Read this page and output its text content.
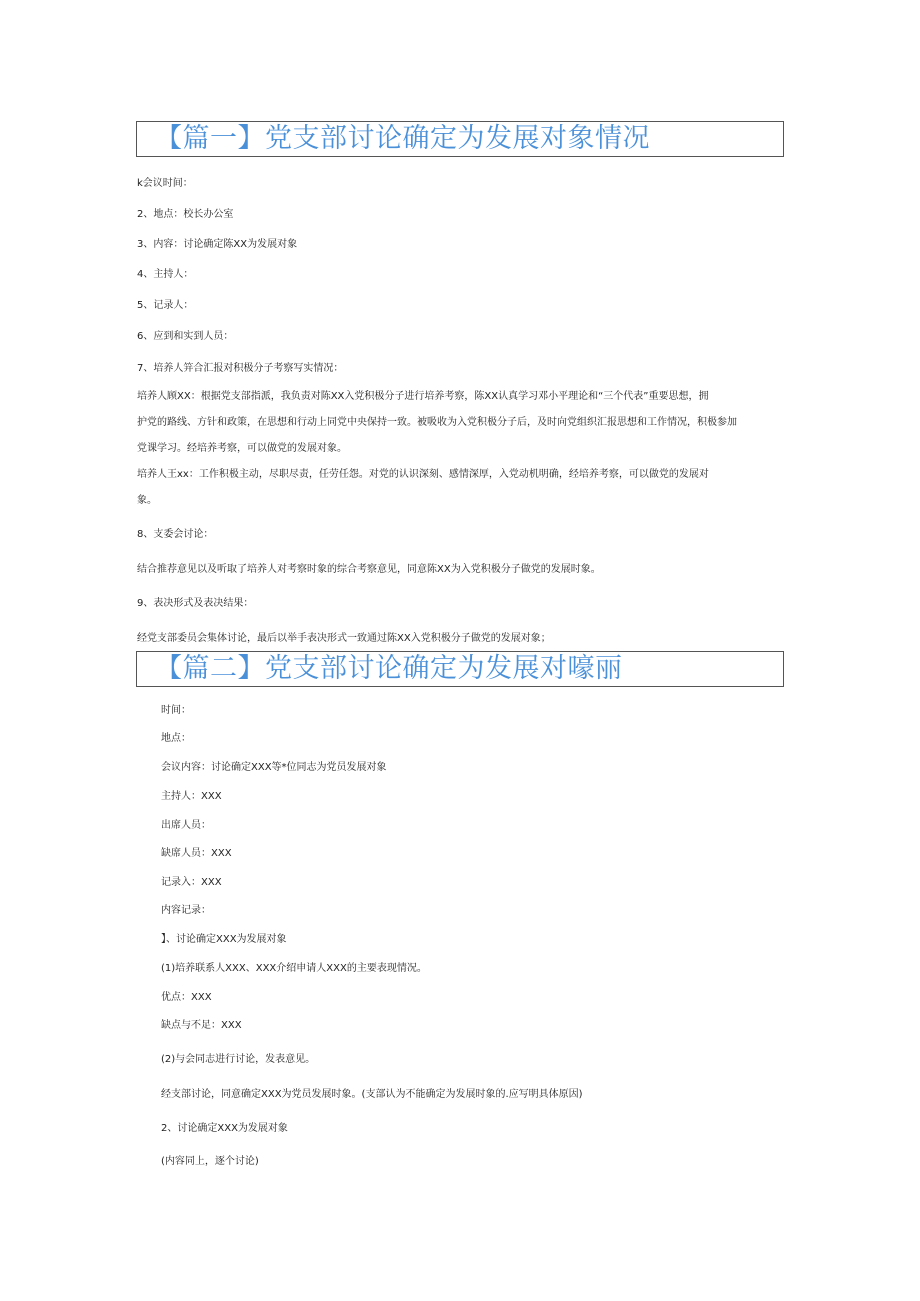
【篇一】党支部讨论确定为发展对象情况
k会议时间：
2、地点：校长办公室
3、内容：讨论确定陈XX为发展对象
4、主持人：
5、记录人：
6、应到和实到人员：
7、培养人笄合汇报对积极分子考察写实情况：
培养人顾XX：根据党支部指派，我负责对陈XX入党积极分子进行培养考察，陈XX认真学习邓小平理论和“三个代表”重要思想，拥
护党的路线、方针和政策，在思想和行动上同党中央保持一致。被吸收为入党积极分子后，及时向党组织汇报思想和工作情况，积极参加
党课学习。经培养考察，可以做党的发展对象。
培养人王xx：工作积极主动，尽职尽责，任劳任怨。对党的认识深刻、感情深厚，入党动机明确，经培养考察，可以做党的发展对
象。
8、支委会讨论：
结合推荐意见以及听取了培养人对考察时象的综合考察意见，同意陈XX为入党积极分子做党的发展时象。
9、表决形式及表决结果：
经党支部委员会集体讨论，最后以举手表决形式一致通过陈XX入党积极分子做党的发展对象；
【篇二】党支部讨论确定为发展对嚎丽
时间：
地点：
会议内容：讨论确定XXX等*位同志为党员发展对象
主持人：XXX
出席人员：
缺席人员：XXX
记录入：XXX
内容记录：
】、讨论确定XXX为发展对象
(1)培养联系人XXX、XXX介绍申请人XXX的主要表现情况。
优点：XXX
缺点与不足：XXX
(2)与会同志进行讨论，发表意见。
经支部讨论，同意确定XXX为党员发展时象。(支部认为不能确定为发展时象的.应写明具体原因)
2、讨论确定XXX为发展对象
(内容同上，逐个讨论)
